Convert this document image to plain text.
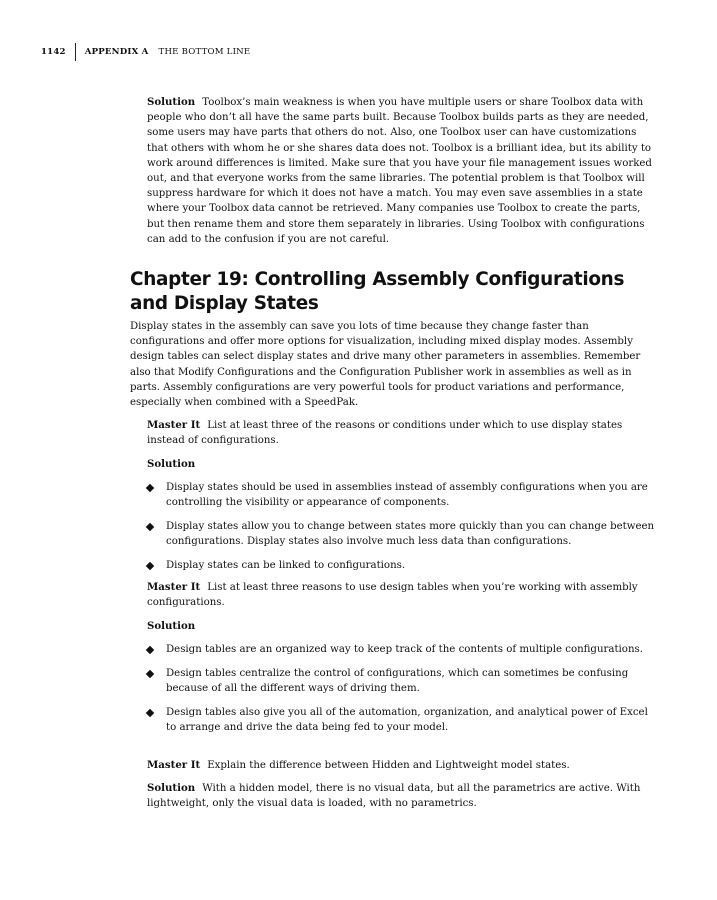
1142 APPENDIX A THE BOTTOM LINE
Solution Toolbox’s main weakness is when you have multiple users or share Toolbox data with people who don’t all have the same parts built. Because Toolbox builds parts as they are needed, some users may have parts that others do not. Also, one Toolbox user can have customizations that others with whom he or she shares data does not. Toolbox is a brilliant idea, but its ability to work around differences is limited. Make sure that you have your file management issues worked out, and that everyone works from the same libraries. The potential problem is that Toolbox will suppress hardware for which it does not have a match. You may even save assemblies in a state where your Toolbox data cannot be retrieved. Many companies use Toolbox to create the parts, but then rename them and store them separately in libraries. Using Toolbox with configurations can add to the confusion if you are not careful.
Chapter 19: Controlling Assembly Configurations and Display States
Display states in the assembly can save you lots of time because they change faster than configurations and offer more options for visualization, including mixed display modes. Assembly design tables can select display states and drive many other parameters in assemblies. Remember also that Modify Configurations and the Configuration Publisher work in assemblies as well as in parts. Assembly configurations are very powerful tools for product variations and performance, especially when combined with a SpeedPak.
Master It List at least three of the reasons or conditions under which to use display states instead of configurations.
Solution
Display states should be used in assemblies instead of assembly configurations when you are controlling the visibility or appearance of components.
Display states allow you to change between states more quickly than you can change between configurations. Display states also involve much less data than configurations.
Display states can be linked to configurations.
Master It List at least three reasons to use design tables when you’re working with assembly configurations.
Solution
Design tables are an organized way to keep track of the contents of multiple configurations.
Design tables centralize the control of configurations, which can sometimes be confusing because of all the different ways of driving them.
Design tables also give you all of the automation, organization, and analytical power of Excel to arrange and drive the data being fed to your model.
Master It Explain the difference between Hidden and Lightweight model states.
Solution With a hidden model, there is no visual data, but all the parametrics are active. With lightweight, only the visual data is loaded, with no parametrics.
